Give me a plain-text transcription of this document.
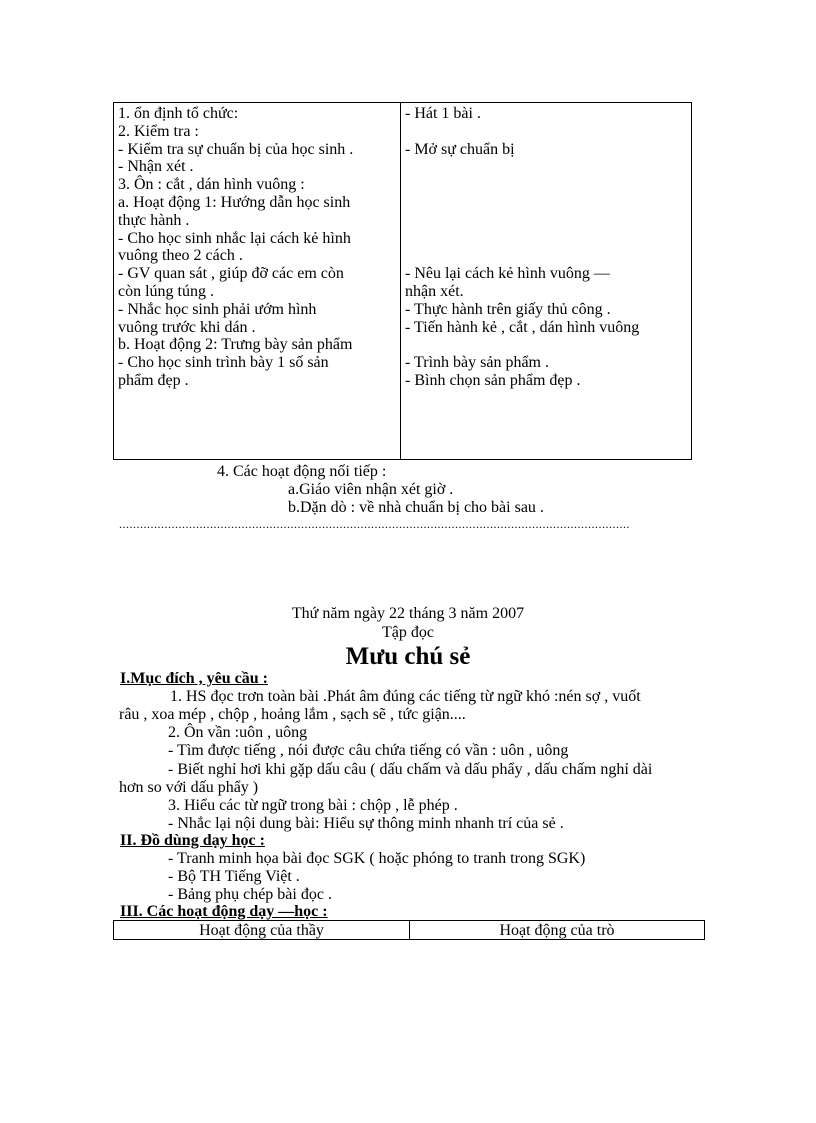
1. ổn định tổ chức:
2. Kiểm tra :
- Kiểm tra sự chuẩn bị của học sinh .
- Nhận xét .
3. Ôn : cắt , dán hình vuông :
a. Hoạt động 1: Hướng dẫn học sinh
thực hành .
- Cho học sinh nhắc lại cách kẻ hình
vuông theo 2 cách .
- GV quan sát , giúp đỡ các em còn
còn lúng túng .
- Nhắc học sinh phải ướm hình
vuông trước khi dán .
b. Hoạt động 2: Trưng bày sản phẩm
- Cho học sinh trình bày 1 số sản
phẩm đẹp .
- Hát 1 bài .
- Mở sự chuẩn bị
- Nêu lại cách kẻ hình vuông —
nhận xét.
- Thực hành trên giấy thủ công .
- Tiến hành kẻ , cắt , dán hình vuông
- Trình bày sản phẩm .
- Bình chọn sản phẩm đẹp .
4. Các hoạt động nối tiếp :
a.Giáo viên nhận xét giờ .
b.Dặn dò : về nhà chuẩn bị cho bài sau .
..................................................................................................................................................
Thứ năm ngày 22 tháng 3 năm 2007
Tập đọc
Mưu chú sẻ
I.Mục đích , yêu cầu :
1. HS đọc trơn toàn bài .Phát âm đúng các tiếng từ ngữ khó :nén sợ , vuốt
râu , xoa mép , chộp , hoảng lắm , sạch sẽ , tức giận....
2. Ôn vần :uôn , uông
- Tìm được tiếng , nói được câu chứa tiếng có vần : uôn , uông
- Biết nghỉ hơi khi gặp dấu câu ( dấu chấm và dấu phẩy , dấu chấm nghỉ dài
hơn so với dấu phẩy )
3. Hiểu các từ ngữ trong bài : chộp , lễ phép .
- Nhắc lại nội dung bài: Hiểu sự thông minh nhanh trí của sẻ .
II. Đồ dùng dạy học :
- Tranh minh họa bài đọc SGK ( hoặc phóng to tranh trong SGK)
- Bộ TH Tiếng Việt .
- Bảng phụ chép bài đọc .
III. Các hoạt động dạy —học :
Hoạt động của thầy	Hoạt động của trò
